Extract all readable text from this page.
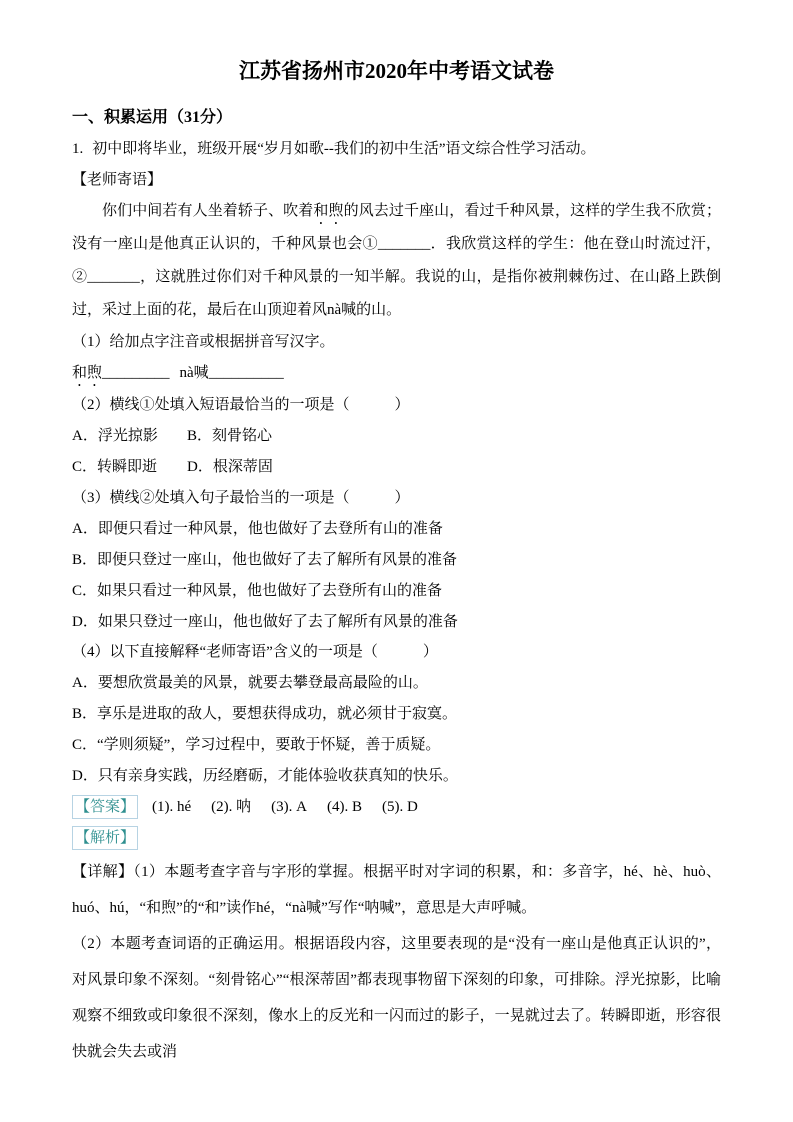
江苏省扬州市2020年中考语文试卷
一、积累运用（31分）

1. 初中即将毕业，班级开展“岁月如歌--我们的初中生活”语文综合性学习活动。

【老师寄语】

你们中间若有人坐着轿子、吹着和煦的风去过千座山，看过千种风景，这样的学生我不欣赏；没有一座山是他真正认识的，千种风景也会①_______．我欣赏这样的学生：他在登山时流过汗，②_______，这就胜过你们对千种风景的一知半解。我说的山，是指你被荆棘伤过、在山路上跌倒过，采过上面的花，最后在山顶迎着风nà喊的山。

（1）给加点字注音或根据拼音写汉字。

和煦_________ nà喊__________

（2）横线①处填入短语最恰当的一项是（　　　）

A．浮光掠影	B．刻骨铭心
C．转瞬即逝	D．根深蒂固

（3）横线②处填入句子最恰当的一项是（　　　）

A．即便只看过一种风景，他也做好了去登所有山的准备

B．即便只登过一座山，他也做好了去了解所有风景的准备

C．如果只看过一种风景，他也做好了去登所有山的准备

D．如果只登过一座山，他也做好了去了解所有风景的准备

（4）以下直接解释“老师寄语”含义的一项是（　　　）

A．要想欣赏最美的风景，就要去攀登最高最险的山。

B．享乐是进取的敌人，要想获得成功，就必须甘于寂寞。

C．“学则须疑”，学习过程中，要敢于怀疑，善于质疑。

D．只有亲身实践，历经磨砺，才能体验收获真知的快乐。

【答案】 (1). hé (2). 呐 (3). A (4). B (5). D

【解析】

【详解】（1）本题考查字音与字形的掌握。根据平时对字词的积累，和：多音字，hé、hè、huò、huó、hú，“和煦”的“和”读作hé，“nà喊”写作“呐喊”，意思是大声呼喊。

（2）本题考查词语的正确运用。根据语段内容，这里要表现的是“没有一座山是他真正认识的”，对风景印象不深刻。“刻骨铭心”“根深蒂固”都表现事物留下深刻的印象，可排除。浮光掠影，比喻观察不细致或印象很不深刻，像水上的反光和一闪而过的影子，一晃就过去了。转瞬即逝，形容很快就会失去或消
